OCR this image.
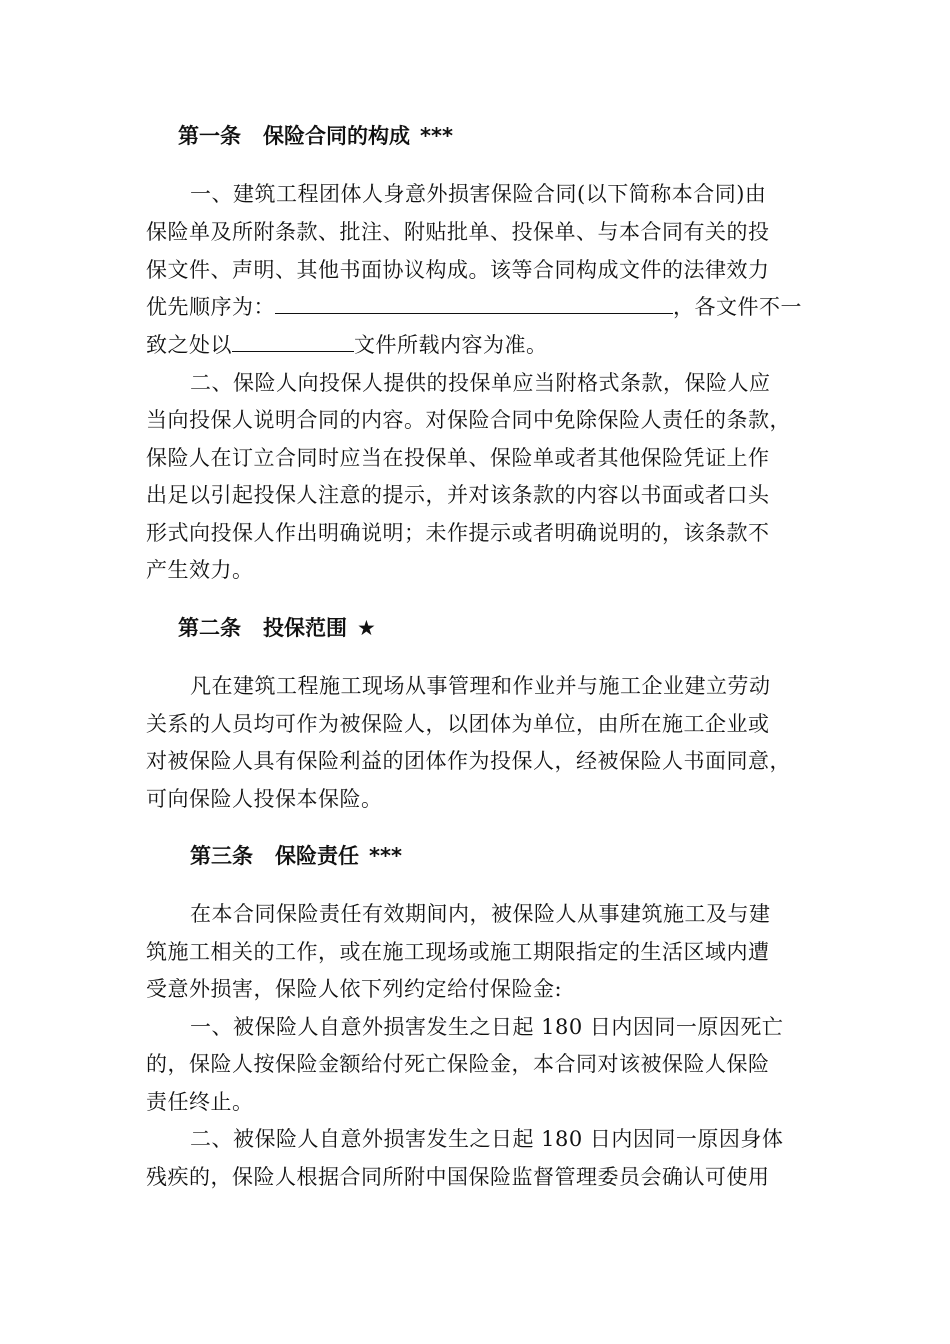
第一条 保险合同的构成 ***
一、建筑工程团体人身意外损害保险合同(以下简称本合同)由
保险单及所附条款、批注、附贴批单、投保单、与本合同有关的投
保文件、声明、其他书面协议构成。该等合同构成文件的法律效力
优先顺序为：	，各文件不一
致之处以	文件所载内容为准。
二、保险人向投保人提供的投保单应当附格式条款，保险人应
当向投保人说明合同的内容。对保险合同中免除保险人责任的条款，
保险人在订立合同时应当在投保单、保险单或者其他保险凭证上作
出足以引起投保人注意的提示，并对该条款的内容以书面或者口头
形式向投保人作出明确说明；未作提示或者明确说明的，该条款不
产生效力。
第二条 投保范围 ★
凡在建筑工程施工现场从事管理和作业并与施工企业建立劳动
关系的人员均可作为被保险人，以团体为单位，由所在施工企业或
对被保险人具有保险利益的团体作为投保人，经被保险人书面同意，
可向保险人投保本保险。
第三条 保险责任 ***
在本合同保险责任有效期间内，被保险人从事建筑施工及与建
筑施工相关的工作，或在施工现场或施工期限指定的生活区域内遭
受意外损害，保险人依下列约定给付保险金:
一、被保险人自意外损害发生之日起 180 日内因同一原因死亡
的，保险人按保险金额给付死亡保险金，本合同对该被保险人保险
责任终止。
二、被保险人自意外损害发生之日起 180 日内因同一原因身体
残疾的，保险人根据合同所附中国保险监督管理委员会确认可使用
